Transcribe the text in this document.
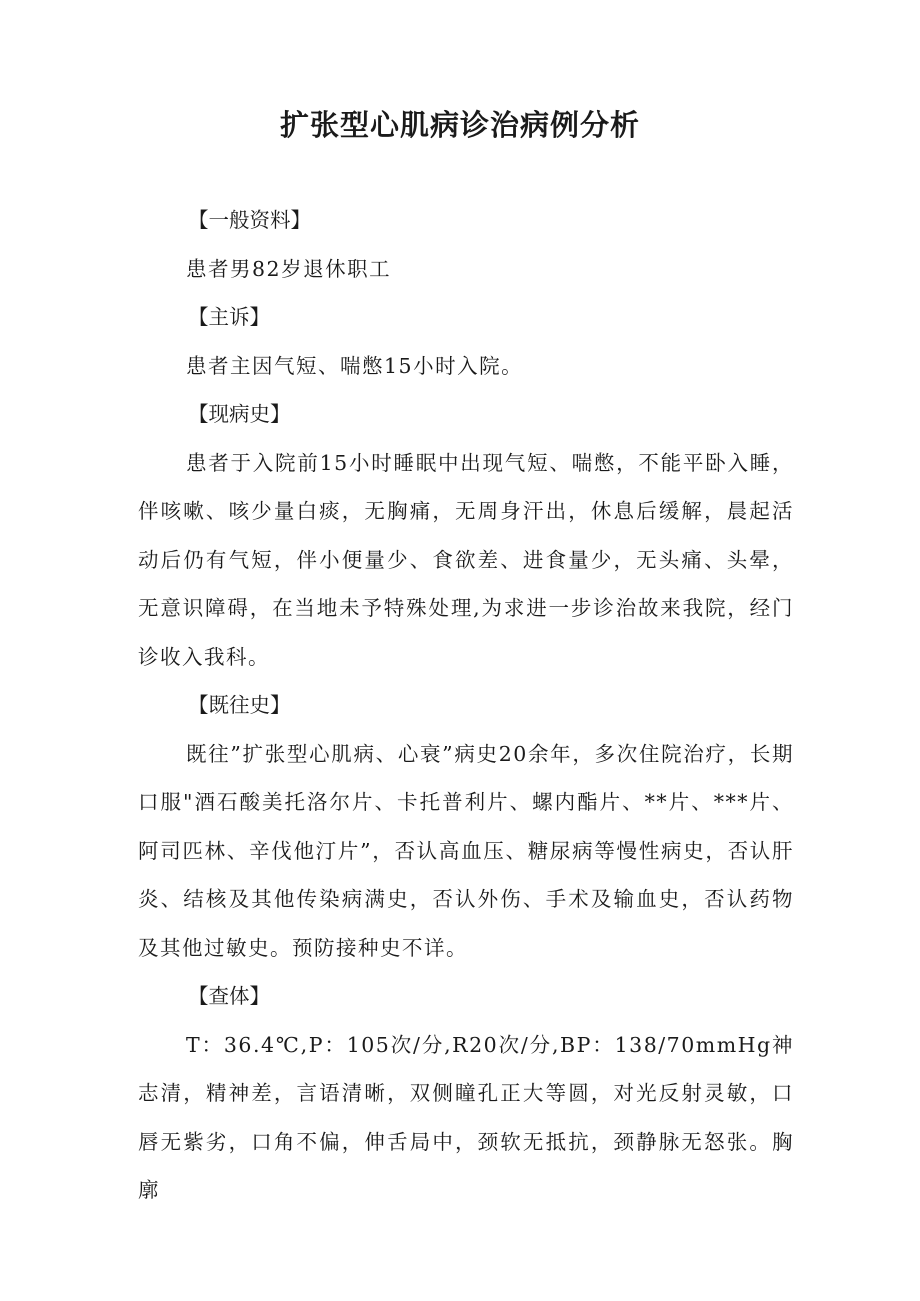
扩张型心肌病诊治病例分析

【一般资料】

患者男82岁退休职工

【主诉】

患者主因气短、喘憋15小时入院。

【现病史】

患者于入院前15小时睡眠中出现气短、喘憋，不能平卧入睡，伴咳嗽、咳少量白痰，无胸痛，无周身汗出，休息后缓解，晨起活动后仍有气短，伴小便量少、食欲差、进食量少，无头痛、头晕，无意识障碍，在当地未予特殊处理,为求进一步诊治故来我院，经门诊收入我科。

【既往史】

既往”扩张型心肌病、心衰”病史20余年，多次住院治疗，长期口服"酒石酸美托洛尔片、卡托普利片、螺内酯片、**片、***片、阿司匹林、辛伐他汀片”，否认高血压、糖尿病等慢性病史，否认肝炎、结核及其他传染病满史，否认外伤、手术及输血史，否认药物及其他过敏史。预防接种史不详。

【查体】

T：36.4℃,P：105次/分,R20次/分,BP：138/70mmHg神志清，精神差，言语清晰，双侧瞳孔正大等圆，对光反射灵敏，口唇无紫劣，口角不偏，伸舌局中，颈软无抵抗，颈静脉无怒张。胸廓
